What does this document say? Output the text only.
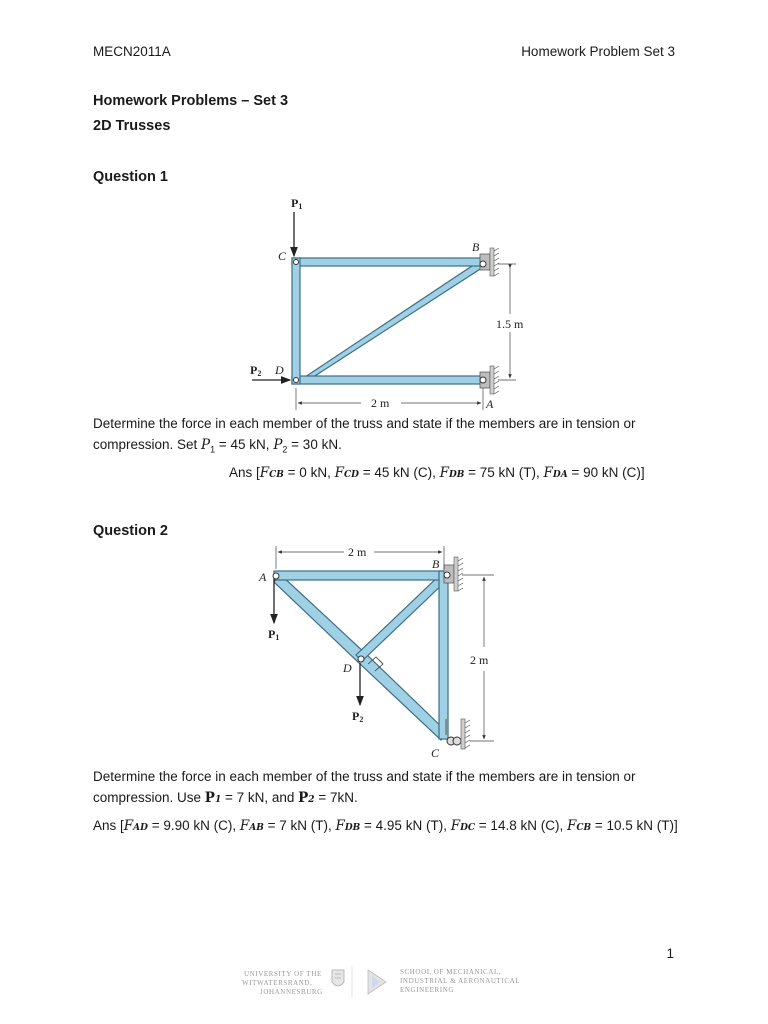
MECN2011A	Homework Problem Set 3
Homework Problems – Set 3
2D Trusses
Question 1
1.5 m
2 m
P1
P2
C
B
D
A
Determine the force in each member of the truss and state if the members are in tension or compression. Set $P_1 = 45$ kN, $P_2 = 30$ kN.
Ans [FCB = 0 kN, FCD = 45 kN (C), FDB = 75 kN (T), FDA = 90 kN (C)]
Question 2
2 m
2 m
A
B
C
D
P1
P2
Determine the force in each member of the truss and state if the members are in tension or compression. Use P1 = 7 kN, and P2 = 7kN.
Ans [FAD = 9.90 kN (C), FAB = 7 kN (T), FDB = 4.95 kN (T), FDC = 14.8 kN (C), FCB = 10.5 kN (T)]
1
UNIVERSITY OF THE
WITWATERSRAND,
JOHANNESBURG
SCHOOL OF MECHANICAL,
INDUSTRIAL & AERONAUTICAL
ENGINEERING
